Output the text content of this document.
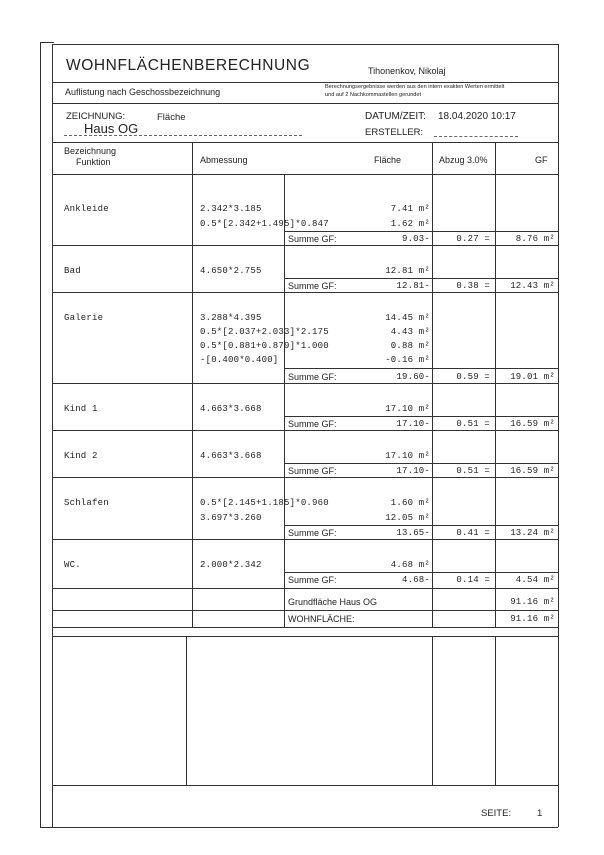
WOHNFLÄCHENBERECHNUNG	Tihonenkov, Nikolaj
Auflistung nach Geschossbezeichnung	Berechnungsergebnisse werden aus den intern exakten Werten ermittelt
und auf 2 Nachkommastellen gerundet
ZEICHNUNG:	Fläche
Haus OG
DATUM/ZEIT: 18.04.2020 10:17
ERSTELLER:
Bezeichnung
Funktion	Abmessung	Fläche	Abzug 3.0%	GF
Ankleide	2.342*3.185	7.41 m²
0.5*[2.342+1.495]*0.847	1.62 m²
Summe GF:	9.03-	0.27 =	8.76 m²
Bad	4.650*2.755	12.81 m²
Summe GF:	12.81-	0.38 =	12.43 m²
Galerie	3.288*4.395	14.45 m²
0.5*[2.037+2.033]*2.175	4.43 m²
0.5*[0.881+0.879]*1.000	0.88 m²
-[0.400*0.400]	-0.16 m²
Summe GF:	19.60-	0.59 =	19.01 m²
Kind 1	4.663*3.668	17.10 m²
Summe GF:	17.10-	0.51 =	16.59 m²
Kind 2	4.663*3.668	17.10 m²
Summe GF:	17.10-	0.51 =	16.59 m²
Schlafen	0.5*[2.145+1.185]*0.960	1.60 m²
3.697*3.260	12.05 m²
Summe GF:	13.65-	0.41 =	13.24 m²
WC.	2.000*2.342	4.68 m²
Summe GF:	4.68-	0.14 =	4.54 m²
Grundfläche Haus OG	91.16 m²
WOHNFLÄCHE:	91.16 m²
SEITE:	1
